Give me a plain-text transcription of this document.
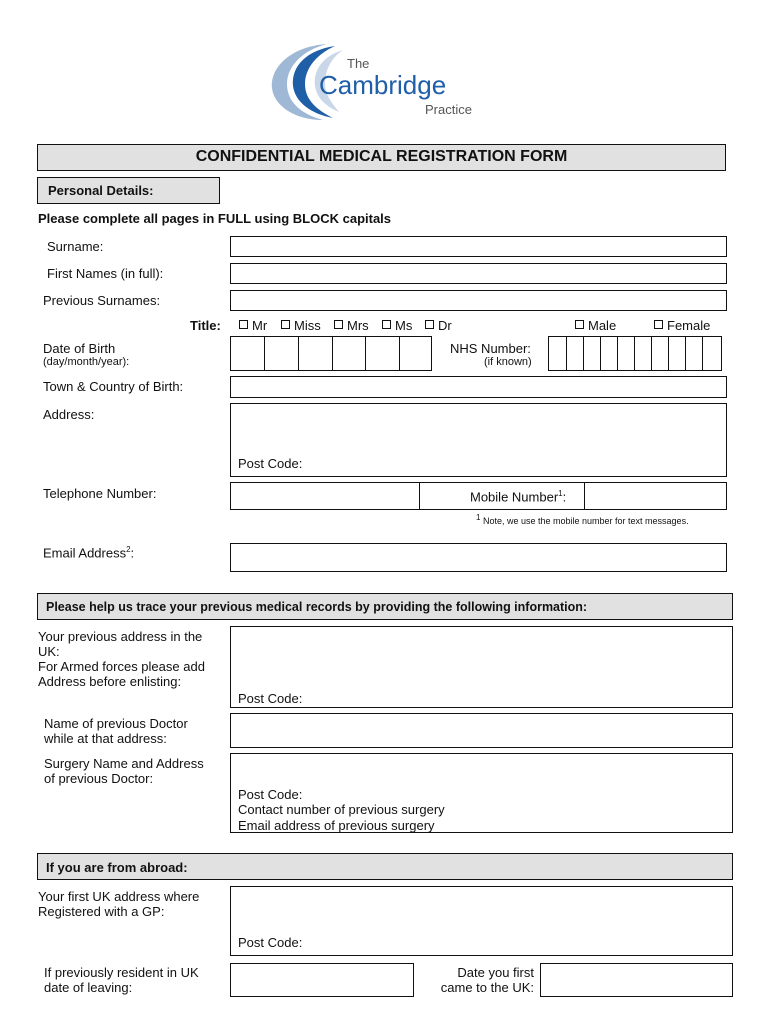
The
Cambridge
Practice
CONFIDENTIAL MEDICAL REGISTRATION FORM
Personal Details:
Please complete all pages in FULL using BLOCK capitals
Surname:
First Names (in full):
Previous Surnames:
Title:	Mr	Miss	Mrs	Ms	Dr	Male	Female
Date of Birth
(day/month/year):
NHS Number:
(if known)
Town & Country of Birth:
Address:
Post Code:
Telephone Number:	Mobile Number$^1$:
$^1$ Note, we use the mobile number for text messages.
Email Address$^2$:
Please help us trace your previous medical records by providing the following information:
Your previous address in the
UK:
For Armed forces please add
Address before enlisting:
Post Code:
Name of previous Doctor
while at that address:
Surgery Name and Address
of previous Doctor:
Post Code:
Contact number of previous surgery
Email address of previous surgery
If you are from abroad:
Your first UK address where
Registered with a GP:
Post Code:
If previously resident in UK
date of leaving:
Date you first
came to the UK:
